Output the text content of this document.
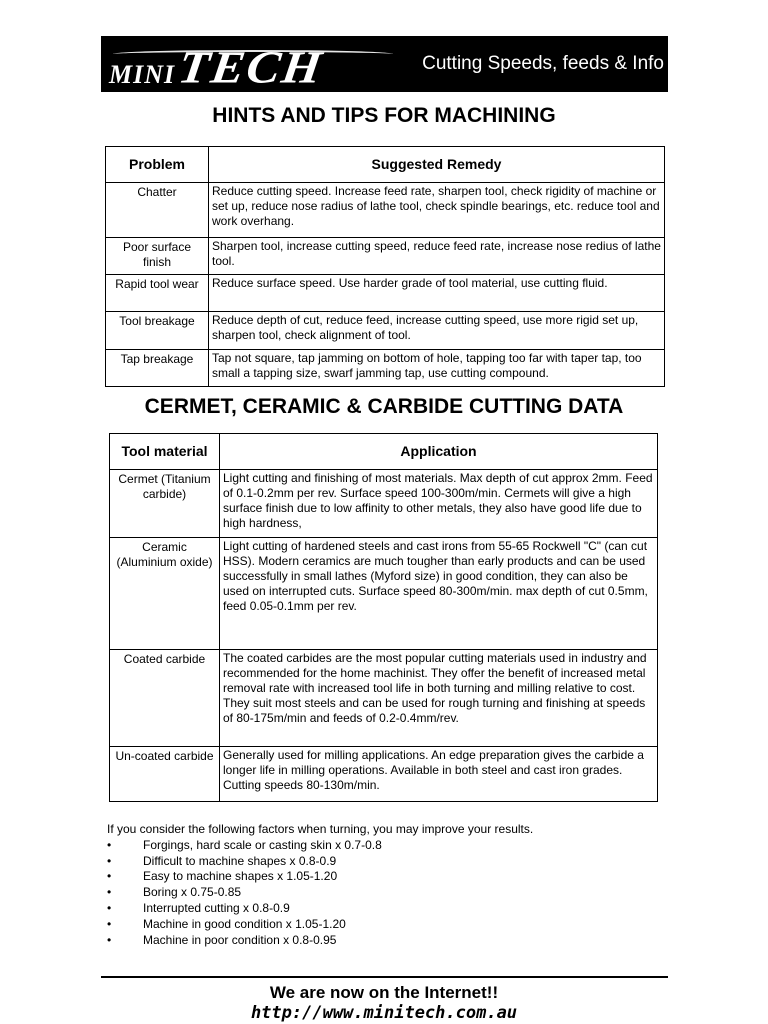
MINI TECH	Cutting Speeds, feeds & Info
HINTS AND TIPS FOR MACHINING
Problem	Suggested Remedy
Chatter	Reduce cutting speed. Increase feed rate, sharpen tool, check rigidity of machine or set up, reduce nose radius of lathe tool, check spindle bearings, etc. reduce tool and work overhang.
Poor surface finish	Sharpen tool, increase cutting speed, reduce feed rate, increase nose redius of lathe tool.
Rapid tool wear	Reduce surface speed. Use harder grade of tool material, use cutting fluid.
Tool breakage	Reduce depth of cut, reduce feed, increase cutting speed, use more rigid set up, sharpen tool, check alignment of tool.
Tap breakage	Tap not square, tap jamming on bottom of hole, tapping too far with taper tap, too small a tapping size, swarf jamming tap, use cutting compound.
CERMET, CERAMIC & CARBIDE CUTTING DATA
Tool material	Application
Cermet (Titanium carbide)	Light cutting and finishing of most materials. Max depth of cut approx 2mm. Feed of 0.1-0.2mm per rev. Surface speed 100-300m/min. Cermets will give a high surface finish due to low affinity to other metals, they also have good life due to high hardness,
Ceramic (Aluminium oxide)	Light cutting of hardened steels and cast irons from 55-65 Rockwell "C" (can cut HSS). Modern ceramics are much tougher than early products and can be used successfully in small lathes (Myford size) in good condition, they can also be used on interrupted cuts. Surface speed 80-300m/min. max depth of cut 0.5mm, feed 0.05-0.1mm per rev.
Coated carbide	The coated carbides are the most popular cutting materials used in industry and recommended for the home machinist. They offer the benefit of increased metal removal rate with increased tool life in both turning and milling relative to cost. They suit most steels and can be used for rough turning and finishing at speeds of 80-175m/min and feeds of 0.2-0.4mm/rev.
Un-coated carbide	Generally used for milling applications. An edge preparation gives the carbide a longer life in milling operations. Available in both steel and cast iron grades. Cutting speeds 80-130m/min.
If you consider the following factors when turning, you may improve your results.
•	Forgings, hard scale or casting skin x 0.7-0.8
•	Difficult to machine shapes x 0.8-0.9
•	Easy to machine shapes x 1.05-1.20
•	Boring x 0.75-0.85
•	Interrupted cutting x 0.8-0.9
•	Machine in good condition x 1.05-1.20
•	Machine in poor condition x 0.8-0.95
We are now on the Internet!!
http://www.minitech.com.au
